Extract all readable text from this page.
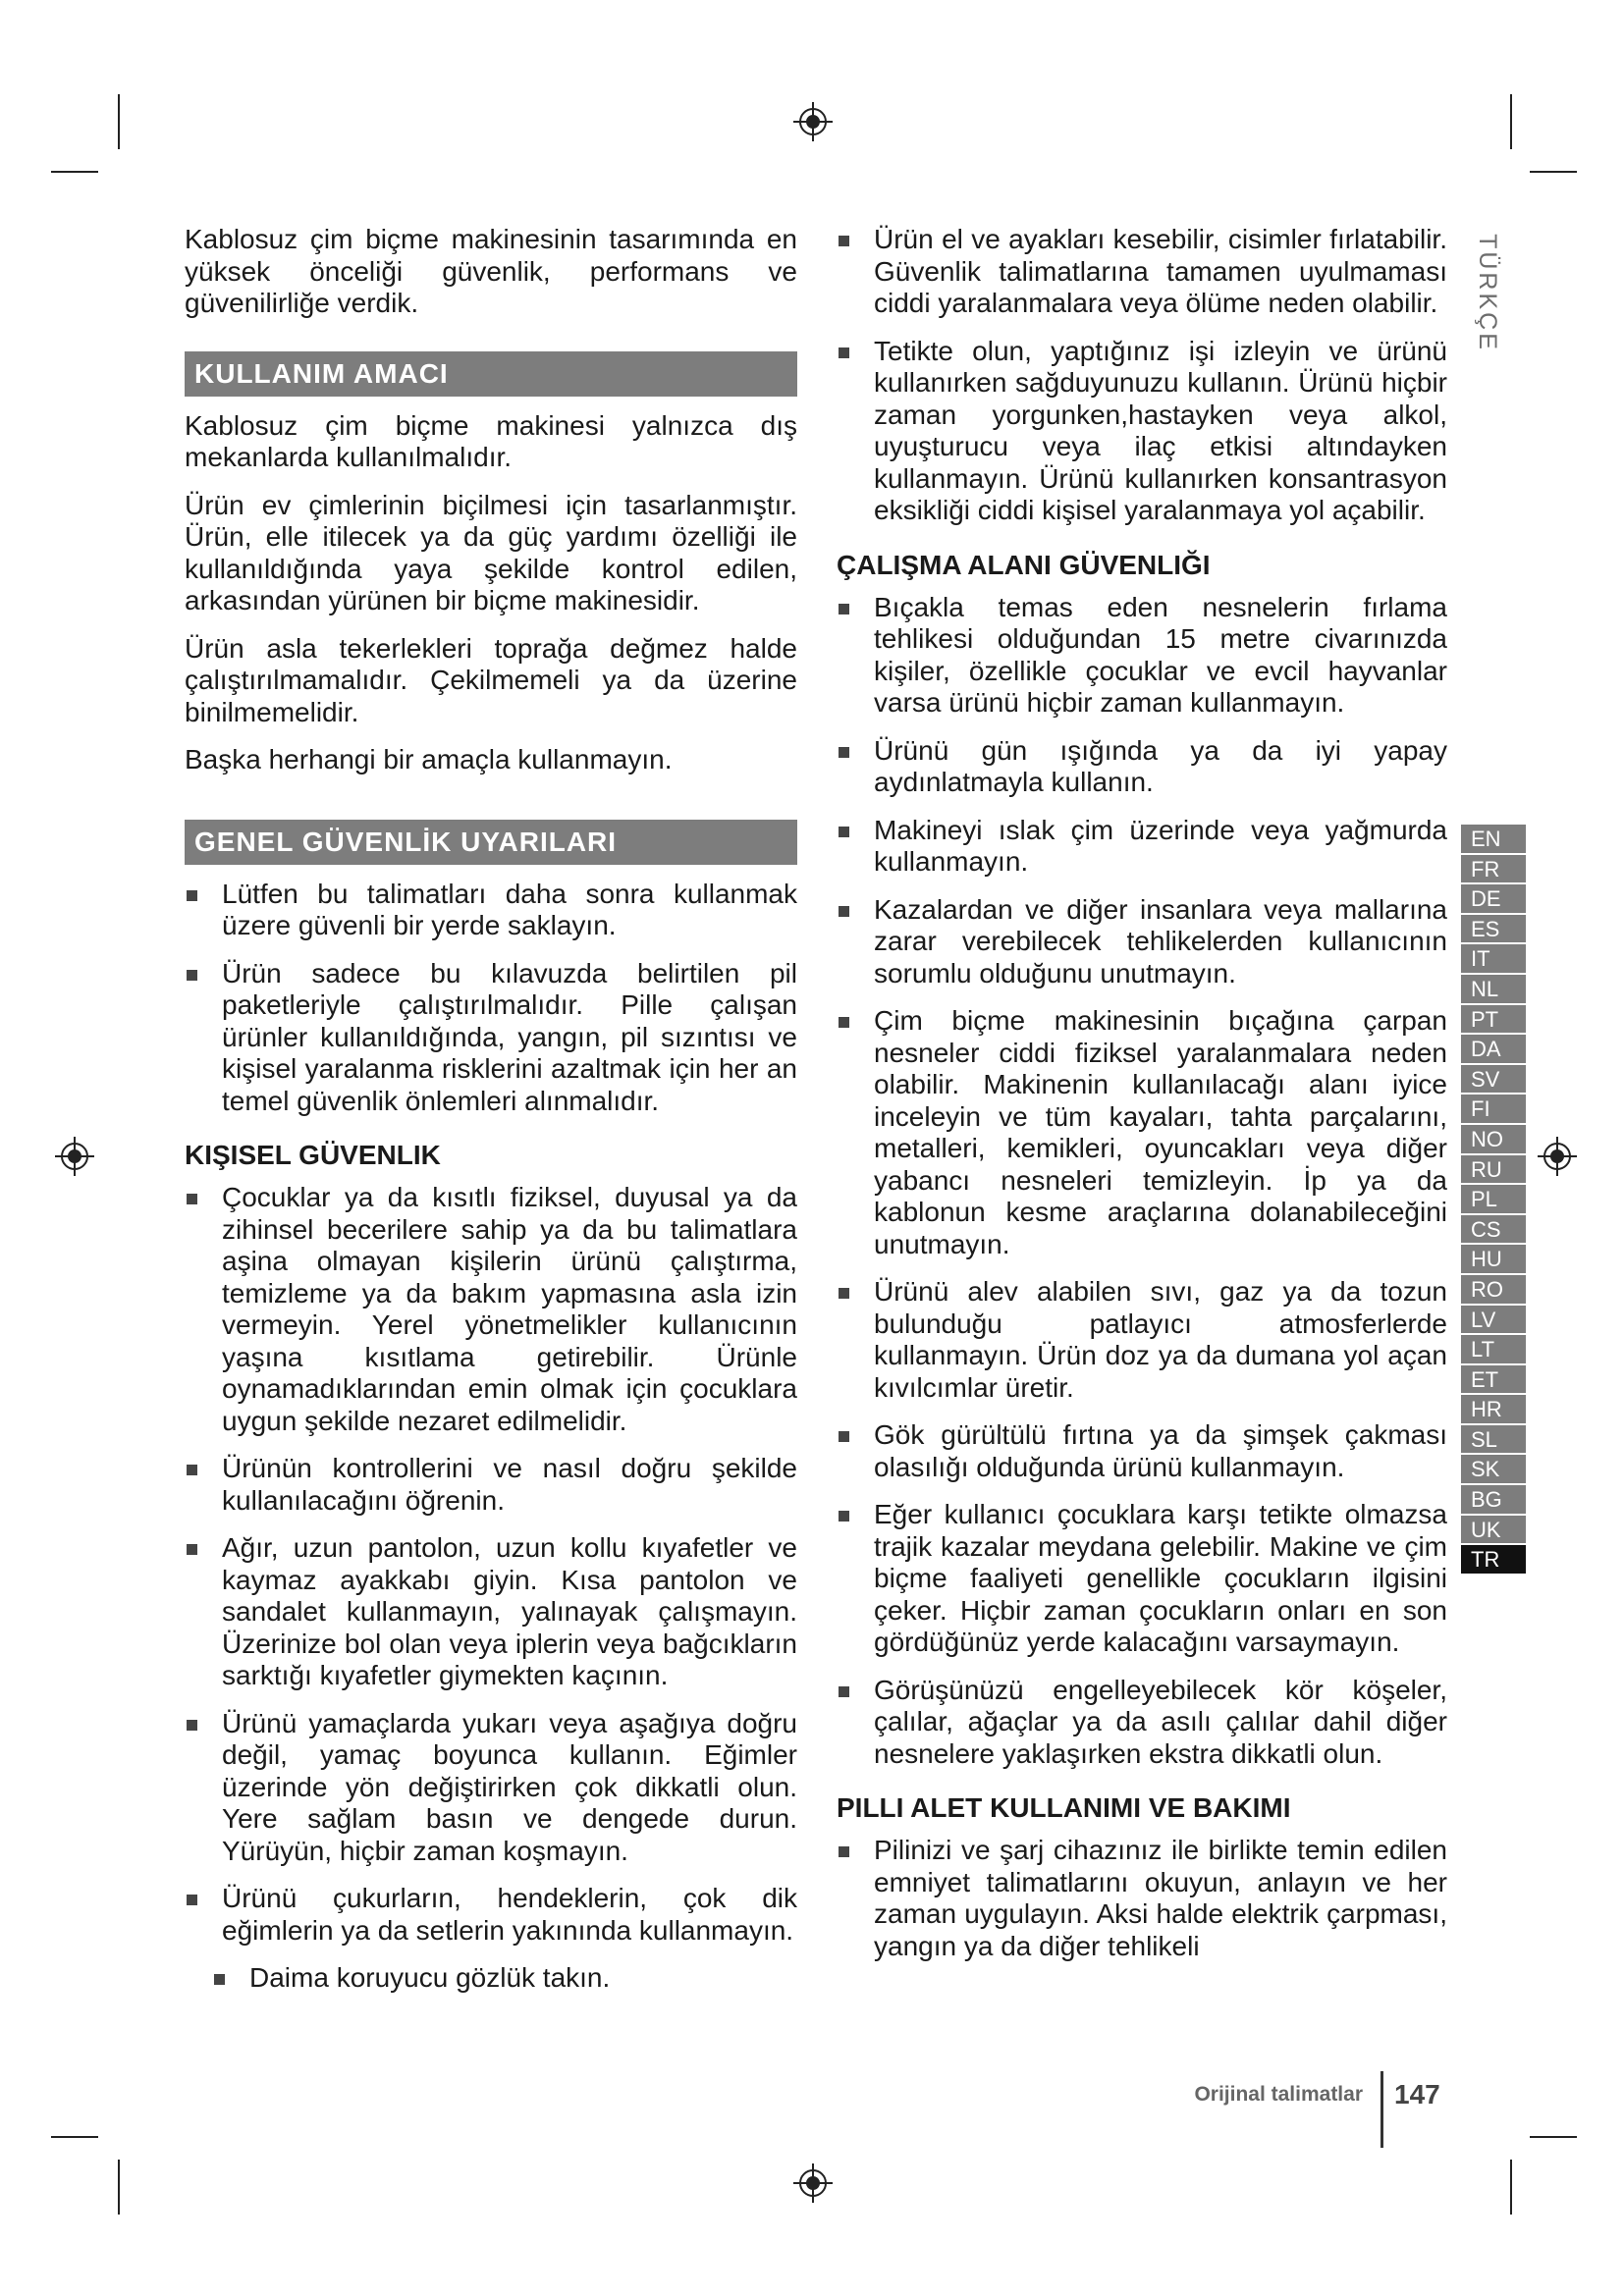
Kablosuz çim biçme makinesinin tasarımında en yüksek önceliği güvenlik, performans ve güvenilirliğe verdik.

KULLANIM AMACI

Kablosuz çim biçme makinesi yalnızca dış mekanlarda kullanılmalıdır.

Ürün ev çimlerinin biçilmesi için tasarlanmıştır. Ürün, elle itilecek ya da güç yardımı özelliği ile kullanıldığında yaya şekilde kontrol edilen, arkasından yürünen bir biçme makinesidir.

Ürün asla tekerlekleri toprağa değmez halde çalıştırılmamalıdır. Çekilmemeli ya da üzerine binilmemelidir.

Başka herhangi bir amaçla kullanmayın.

GENEL GÜVENLİK UYARILARI
Lütfen bu talimatları daha sonra kullanmak üzere güvenli bir yerde saklayın.
Ürün sadece bu kılavuzda belirtilen pil paketleriyle çalıştırılmalıdır. Pille çalışan ürünler kullanıldığında, yangın, pil sızıntısı ve kişisel yaralanma risklerini azaltmak için her an temel güvenlik önlemleri alınmalıdır.
KIŞISEL GÜVENLIK
Çocuklar ya da kısıtlı fiziksel, duyusal ya da zihinsel becerilere sahip ya da bu talimatlara aşina olmayan kişilerin ürünü çalıştırma, temizleme ya da bakım yapmasına asla izin vermeyin. Yerel yönetmelikler kullanıcının yaşına kısıtlama getirebilir. Ürünle oynamadıklarından emin olmak için çocuklara uygun şekilde nezaret edilmelidir.
Ürünün kontrollerini ve nasıl doğru şekilde kullanılacağını öğrenin.
Ağır, uzun pantolon, uzun kollu kıyafetler ve kaymaz ayakkabı giyin. Kısa pantolon ve sandalet kullanmayın, yalınayak çalışmayın. Üzerinize bol olan veya iplerin veya bağcıkların sarktığı kıyafetler giymekten kaçının.
Ürünü yamaçlarda yukarı veya aşağıya doğru değil, yamaç boyunca kullanın. Eğimler üzerinde yön değiştirirken çok dikkatli olun. Yere sağlam basın ve dengede durun. Yürüyün, hiçbir zaman koşmayın.
Ürünü çukurların, hendeklerin, çok dik eğimlerin ya da setlerin yakınında kullanmayın.
Daima koruyucu gözlük takın.
Ürün el ve ayakları kesebilir, cisimler fırlatabilir. Güvenlik talimatlarına tamamen uyulmaması ciddi yaralanmalara veya ölüme neden olabilir.
Tetikte olun, yaptığınız işi izleyin ve ürünü kullanırken sağduyunuzu kullanın. Ürünü hiçbir zaman yorgunken,hastayken veya alkol, uyuşturucu veya ilaç etkisi altındayken kullanmayın. Ürünü kullanırken konsantrasyon eksikliği ciddi kişisel yaralanmaya yol açabilir.
ÇALIŞMA ALANI GÜVENLIĞI
Bıçakla temas eden nesnelerin fırlama tehlikesi olduğundan 15 metre civarınızda kişiler, özellikle çocuklar ve evcil hayvanlar varsa ürünü hiçbir zaman kullanmayın.
Ürünü gün ışığında ya da iyi yapay aydınlatmayla kullanın.
Makineyi ıslak çim üzerinde veya yağmurda kullanmayın.
Kazalardan ve diğer insanlara veya mallarına zarar verebilecek tehlikelerden kullanıcının sorumlu olduğunu unutmayın.
Çim biçme makinesinin bıçağına çarpan nesneler ciddi fiziksel yaralanmalara neden olabilir. Makinenin kullanılacağı alanı iyice inceleyin ve tüm kayaları, tahta parçalarını, metalleri, kemikleri, oyuncakları veya diğer yabancı nesneleri temizleyin. İp ya da kablonun kesme araçlarına dolanabileceğini unutmayın.
Ürünü alev alabilen sıvı, gaz ya da tozun bulunduğu patlayıcı atmosferlerde kullanmayın. Ürün doz ya da dumana yol açan kıvılcımlar üretir.
Gök gürültülü fırtına ya da şimşek çakması olasılığı olduğunda ürünü kullanmayın.
Eğer kullanıcı çocuklara karşı tetikte olmazsa trajik kazalar meydana gelebilir. Makine ve çim biçme faaliyeti genellikle çocukların ilgisini çeker. Hiçbir zaman çocukların onları en son gördüğünüz yerde kalacağını varsaymayın.
Görüşünüzü engelleyebilecek kör köşeler, çalılar, ağaçlar ya da asılı çalılar dahil diğer nesnelere yaklaşırken ekstra dikkatli olun.
PILLI ALET KULLANIMI VE BAKIMI
Pilinizi ve şarj cihazınız ile birlikte temin edilen emniyet talimatlarını okuyun, anlayın ve her zaman uygulayın. Aksi halde elektrik çarpması, yangın ya da diğer tehlikeli
TÜRKÇE
EN
FR
DE
ES
IT
NL
PT
DA
SV
FI
NO
RU
PL
CS
HU
RO
LV
LT
ET
HR
SL
SK
BG
UK
TR
Orijinal talimatlar 147
